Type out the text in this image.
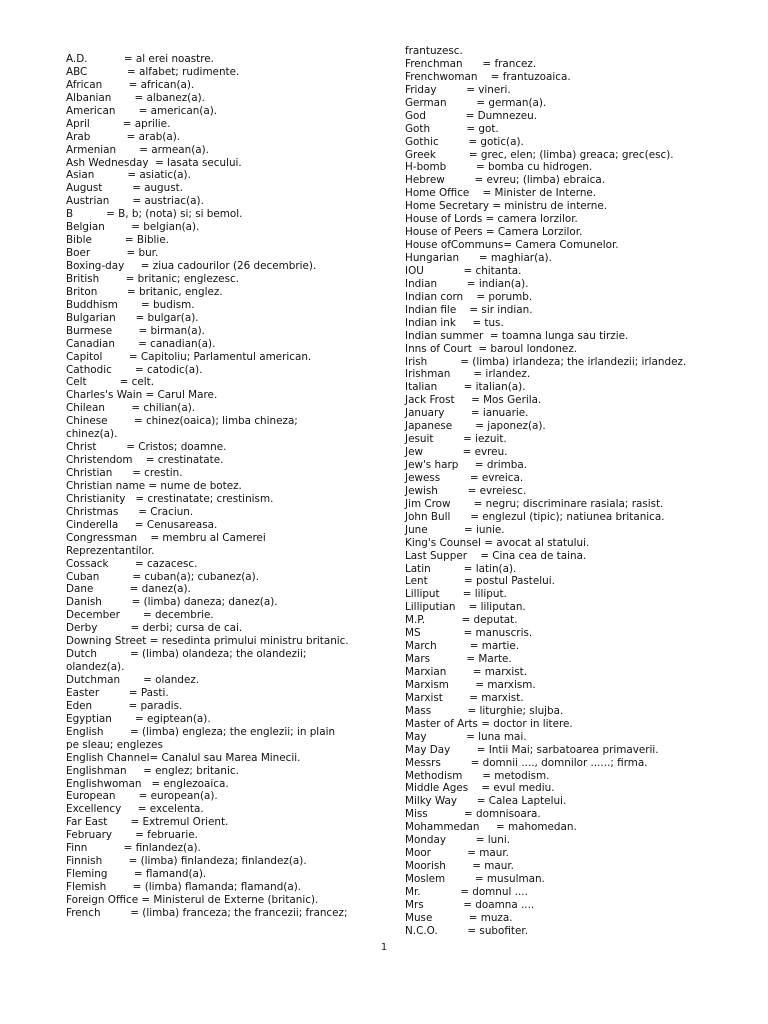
A.D.           = al erei noastre.
ABC            = alfabet; rudimente.
African        = african(a).
Albanian       = albanez(a).
American       = american(a).
April          = aprilie.
Arab           = arab(a).
Armenian       = armean(a).
Ash Wednesday  = lasata secului.
Asian          = asiatic(a).
August         = august.
Austrian       = austriac(a).
B          = B, b; (nota) si; si bemol.
Belgian        = belgian(a).
Bible          = Biblie.
Boer           = bur.
Boxing-day     = ziua cadourilor (26 decembrie).
British        = britanic; englezesc.
Briton         = britanic, englez.
Buddhism       = budism.
Bulgarian      = bulgar(a).
Burmese        = birman(a).
Canadian       = canadian(a).
Capitol        = Capitoliu; Parlamentul american.
Cathodic       = catodic(a).
Celt          = celt.
Charles's Wain = Carul Mare.
Chilean        = chilian(a).
Chinese        = chinez(oaica); limba chineza;
chinez(a).
Christ         = Cristos; doamne.
Christendom    = crestinatate.
Christian      = crestin.
Christian name = nume de botez.
Christianity   = crestinatate; crestinism.
Christmas      = Craciun.
Cinderella     = Cenusareasa.
Congressman    = membru al Camerei
Reprezentantilor.
Cossack        = cazacesc.
Cuban          = cuban(a); cubanez(a).
Dane           = danez(a).
Danish         = (limba) daneza; danez(a).
December       = decembrie.
Derby          = derbi; cursa de cai.
Downing Street = resedinta primului ministru britanic.
Dutch          = (limba) olandeza; the olandezii;
olandez(a).
Dutchman       = olandez.
Easter         = Pasti.
Eden           = paradis.
Egyptian       = egiptean(a).
English        = (limba) engleza; the englezii; in plain
pe sleau; englezes
English Channel= Canalul sau Marea Minecii.
Englishman     = englez; britanic.
Englishwoman   = englezoaica.
European       = european(a).
Excellency     = excelenta.
Far East       = Extremul Orient.
February       = februarie.
Finn           = finlandez(a).
Finnish        = (limba) finlandeza; finlandez(a).
Fleming        = flamand(a).
Flemish        = (limba) flamanda; flamand(a).
Foreign Office = Ministerul de Externe (britanic).
French         = (limba) franceza; the francezii; francez;
frantuzesc.
Frenchman      = francez.
Frenchwoman    = frantuzoaica.
Friday         = vineri.
German         = german(a).
God            = Dumnezeu.
Goth           = got.
Gothic         = gotic(a).
Greek          = grec, elen; (limba) greaca; grec(esc).
H-bomb         = bomba cu hidrogen.
Hebrew         = evreu; (limba) ebraica.
Home Office    = Minister de Interne.
Home Secretary = ministru de interne.
House of Lords = camera lorzilor.
House of Peers = Camera Lorzilor.
House ofCommuns= Camera Comunelor.
Hungarian      = maghiar(a).
IOU            = chitanta.
Indian         = indian(a).
Indian corn    = porumb.
Indian file    = sir indian.
Indian ink     = tus.
Indian summer  = toamna lunga sau tirzie.
Inns of Court  = baroul londonez.
Irish          = (limba) irlandeza; the irlandezii; irlandez.
Irishman       = irlandez.
Italian        = italian(a).
Jack Frost     = Mos Gerila.
January        = ianuarie.
Japanese       = japonez(a).
Jesuit         = iezuit.
Jew            = evreu.
Jew's harp     = drimba.
Jewess         = evreica.
Jewish         = evreiesc.
Jim Crow       = negru; discriminare rasiala; rasist.
John Bull      = englezul (tipic); natiunea britanica.
June           = iunie.
King's Counsel = avocat al statului.
Last Supper    = Cina cea de taina.
Latin          = latin(a).
Lent           = postul Pastelui.
Lilliput       = liliput.
Lilliputian    = liliputan.
M.P.           = deputat.
MS             = manuscris.
March          = martie.
Mars           = Marte.
Marxian        = marxist.
Marxism        = marxism.
Marxist        = marxist.
Mass           = liturghie; slujba.
Master of Arts = doctor in litere.
May            = luna mai.
May Day        = Intii Mai; sarbatoarea primaverii.
Messrs         = domnii ...., domnilor ......; firma.
Methodism      = metodism.
Middle Ages    = evul mediu.
Milky Way      = Calea Laptelui.
Miss           = domnisoara.
Mohammedan     = mahomedan.
Monday         = luni.
Moor           = maur.
Moorish        = maur.
Moslem         = musulman.
Mr.            = domnul ....
Mrs            = doamna ....
Muse           = muza.
N.C.O.         = subofiter.
1
